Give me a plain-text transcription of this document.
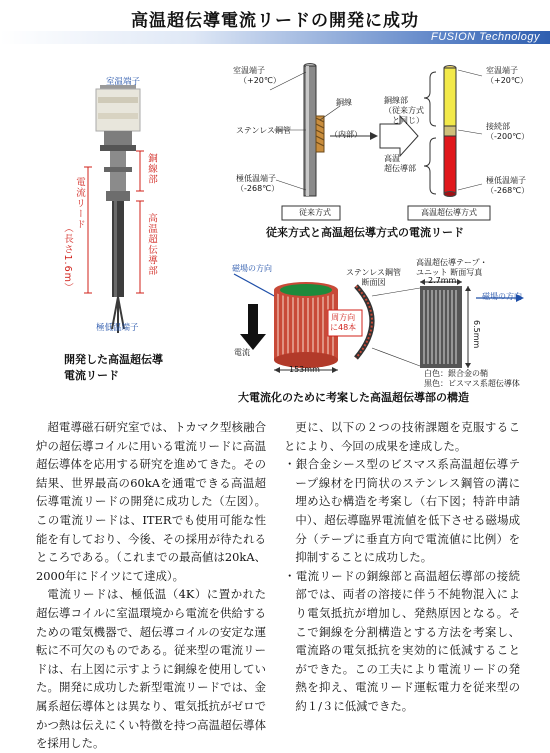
高温超伝導電流リードの開発に成功
FUSION Technology
室温端子
銅線部
高温超伝導部
電流リード
（長さ1.6m）
極低温端子
開発した高温超伝導
電流リード
室温端子
（+20℃）
銅線
ステンレス鋼管	（内部）
極低温端子
（-268℃）
従来方式
室温端子
（+20℃）
銅線部
（従来方式
と同じ）
接続部
（-200℃）
高温
超伝導部
極低温端子
（-268℃）
高温超伝導方式
従来方式と高温超伝導方式の電流リード
磁場の方向	ステンレス鋼管
断面図
高温超伝導テープ・
ユニット 断面写真
2.7mm
磁場の方向
周方向
に48本
電流
6.5mm
153mm	白色：銀合金の鞘
黒色：ビスマス系超伝導体
大電流化のために考案した高温超伝導部の構造

超電導磁石研究室では、トカマク型核融合炉の超伝導コイルに用いる電流リードに高温超伝導体を応用する研究を進めてきた。その結果、世界最高の60kAを通電できる高温超伝導電流リードの開発に成功した（左図）。この電流リードは、ITERでも使用可能な性能を有しており、今後、その採用が待たれるところである。（これまでの最高値は20kA、2000年にドイツにて達成）。

電流リードは、極低温（4K）に置かれた超伝導コイルに室温環境から電流を供給するための電気機器で、超伝導コイルの安定な運転に不可欠のものである。従来型の電流リードは、右上図に示すように銅線を使用していた。開発に成功した新型電流リードでは、金属系超伝導体とは異なり、電気抵抗がゼロでかつ熱は伝えにくい特徴を持つ高温超伝導体を採用した。

更に、以下の２つの技術課題を克服することにより、今回の成果を達成した。

・ 銀合金シース型のビスマス系高温超伝導テープ線材を円筒状のステンレス鋼管の溝に埋め込む構造を考案し（右下図；特許申請中）、超伝導臨界電流値を低下させる磁場成分（テープに垂直方向で電流値に比例）を抑制することに成功した。
・ 電流リードの銅線部と高温超伝導部の接続部では、両者の溶接に伴う不純物混入により電気抵抗が増加し、発熱原因となる。そこで銅線を分割構造とする方法を考案し、電流路の電気抵抗を実効的に低減することができた。この工夫により電流リードの発熱を抑え、電流リード運転電力を従来型の約１/３に低減できた。
